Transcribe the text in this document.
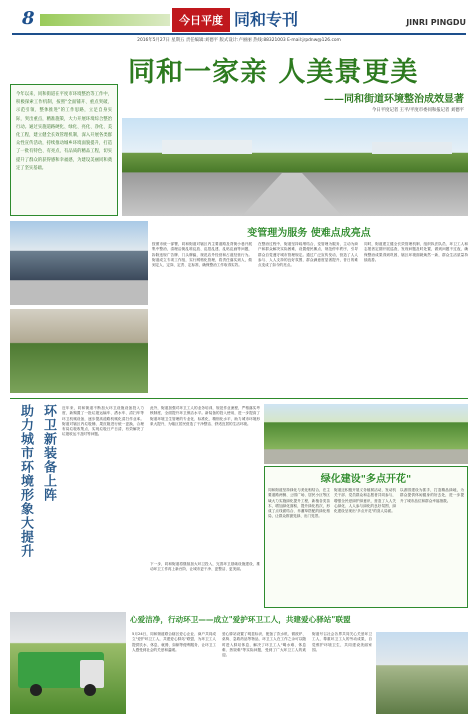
8	今日平度 同和专刊	JINRI PINGDU
2016年5月27日 星期五 责任编辑:刘德平 版式设计:卢丽丽 热线:88321003 E-mail:jrpdnw@126.com
同和一家亲 人美景更美
——同和街道环境整治成效显著
今日平度记者 王平/平度市委同和报记者 刘德平
今年以来，同和街道在平度市环境整治等工作中，积极探索工作机制，按照"全面铺开、重点突破、示范引领、整体推进"的工作思路，立足自身实际，突出重点，精准施策，大力开展环境综合整治行动。通过实施道路硬化、绿化、亮化、净化、美化工程，建立健全长效管理机制，深入开展各类群众性宣传活动，持续推动城乡环境面貌提升，打造了一批有特色、有亮点、有品质的精品工程，切实提升了群众的获得感和幸福感，为建设美丽同和奠定了坚实基础。
变管理为服务 使难点成亮点
按照市统一部署，同和街道对辖区内主要道路及背街小巷开展集中整治，清理沿街乱堆乱放、乱搭乱建、乱贴乱画等问题，拆除违规广告牌、门头牌匾，规范店外经营和占道经营行为。街道成立专项工作组，实行网格化管理，将责任落实到人，做到定人、定岗、定责、定标准，确保整治工作取得实效。
在整治过程中，街道坚持疏堵结合，变管理为服务，主动为商户和群众解决实际困难，设置便民摊点，规范停车秩序，引导群众自觉遵守城市管理规定。通过广泛宣传发动，营造了人人参与、人人支持的良好氛围，群众满意度显著提升，昔日的难点变成了如今的亮点。
同时，街道建立健全长效管理机制，组织执法队员、环卫工人和志愿者定期开展巡查，发现问题及时处置，做到问题不过夜，确保整治成果得到巩固，辖区环境面貌焕然一新，群众生活质量持续改善。
环卫新装备上阵
助力城市环境形象大提升	近年来，同和街道不断加大环卫设施设备投入力度，新购置了一批垃圾运输车、洒水车、清扫车等环卫机械设备，逐步提高道路机械化清扫作业率。街道对辖区内垃圾桶、果皮箱进行统一更换，合理布局垃圾收集点，实现垃圾日产日清，有效解决了垃圾收运不及时等问题。
此外，街道加强对环卫工人的业务培训，规范作业流程，严格落实考核制度，全面提升环卫保洁水平。新装备的投入使用，进一步提高了街道环境卫生管理的专业化、标准化、精细化水平，助力城市环境形象大提升，为辖区居民营造了干净整洁、舒适宜居的生活环境。
绿化建设"多点开花"
同和街道坚持绿化与美化相结合，在主要道路两侧、公园广场、居民小区等区域大力实施绿化提升工程，新植各类苗木，增加绿化面积，提升绿化档次，形成了点线面结合、乔灌草搭配的绿化格局，让群众推窗见绿、出门见景。
街道还积极开展义务植树活动，发动机关干部、党员群众和志愿者共同参与，增强全民爱绿护绿意识，营造了人人关心绿化、人人参与绿化的良好氛围，绿化建设呈现出"多点开花"的喜人局面。
以游园建设为抓手，打造精品绿地，为群众提供休闲健身的好去处，进一步提升了城市品位和群众幸福指数。
下一步，同和街道将继续加大环卫投入，完善环卫基础设施建设，推动环卫工作再上新台阶，让城市更干净、更整洁、更美丽。
心爱洁净，行动环卫——成立"爱护环卫工人，共建爱心驿站"联盟
5月24日，同和街道联合辖区爱心企业、商户共同成立"爱护环卫工人，共建爱心驿站"联盟，为环卫工人提供饮水、休息、就餐、如厕等便利服务，让环卫工人感受到社会的关爱和温暖。
爱心驿站设置了明显标识，配备了饮水机、微波炉、桌椅、急救药品等物品，环卫工人在工作之余可以随时进入驿站休息，解决了环卫工人"喝水难、休息难、热饭难"等实际问题，受到了广大环卫工人的欢迎。
街道号召社会各界共同关心关爱环卫工人，尊重环卫工人的劳动成果，自觉维护环境卫生，共同建设美丽家园。
